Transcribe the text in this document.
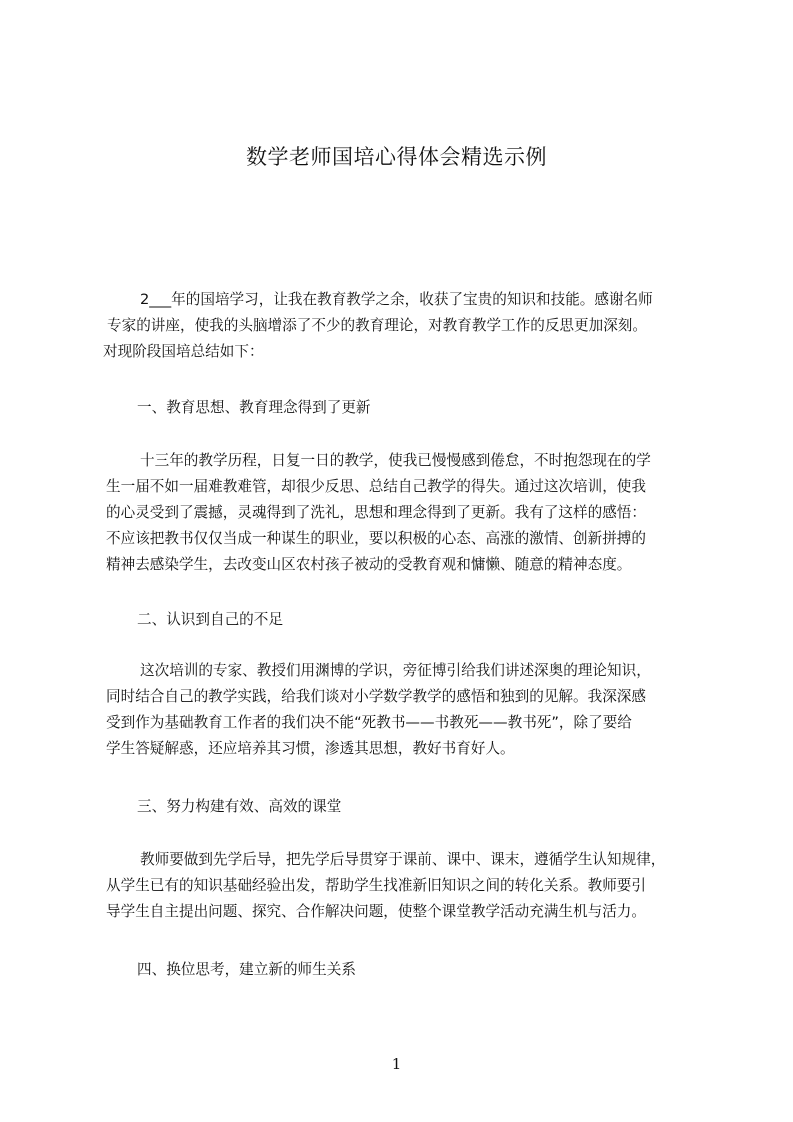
数学老师国培心得体会精选示例
2___年的国培学习，让我在教育教学之余，收获了宝贵的知识和技能。感谢名师
专家的讲座，使我的头脑增添了不少的教育理论，对教育教学工作的反思更加深刻。
对现阶段国培总结如下：
一、教育思想、教育理念得到了更新
十三年的教学历程，日复一日的教学，使我已慢慢感到倦怠，不时抱怨现在的学
生一届不如一届难教难管，却很少反思、总结自己教学的得失。通过这次培训，使我
的心灵受到了震撼，灵魂得到了洗礼，思想和理念得到了更新。我有了这样的感悟：
不应该把教书仅仅当成一种谋生的职业，要以积极的心态、高涨的激情、创新拼搏的
精神去感染学生，去改变山区农村孩子被动的受教育观和慵懒、随意的精神态度。
二、认识到自己的不足
这次培训的专家、教授们用渊博的学识，旁征博引给我们讲述深奥的理论知识，
同时结合自己的教学实践，给我们谈对小学数学教学的感悟和独到的见解。我深深感
受到作为基础教育工作者的我们决不能“死教书——书教死——教书死”，除了要给
学生答疑解惑，还应培养其习惯，渗透其思想，教好书育好人。
三、努力构建有效、高效的课堂
教师要做到先学后导，把先学后导贯穿于课前、课中、课末，遵循学生认知规律，
从学生已有的知识基础经验出发，帮助学生找准新旧知识之间的转化关系。教师要引
导学生自主提出问题、探究、合作解决问题，使整个课堂教学活动充满生机与活力。
四、换位思考，建立新的师生关系
1
